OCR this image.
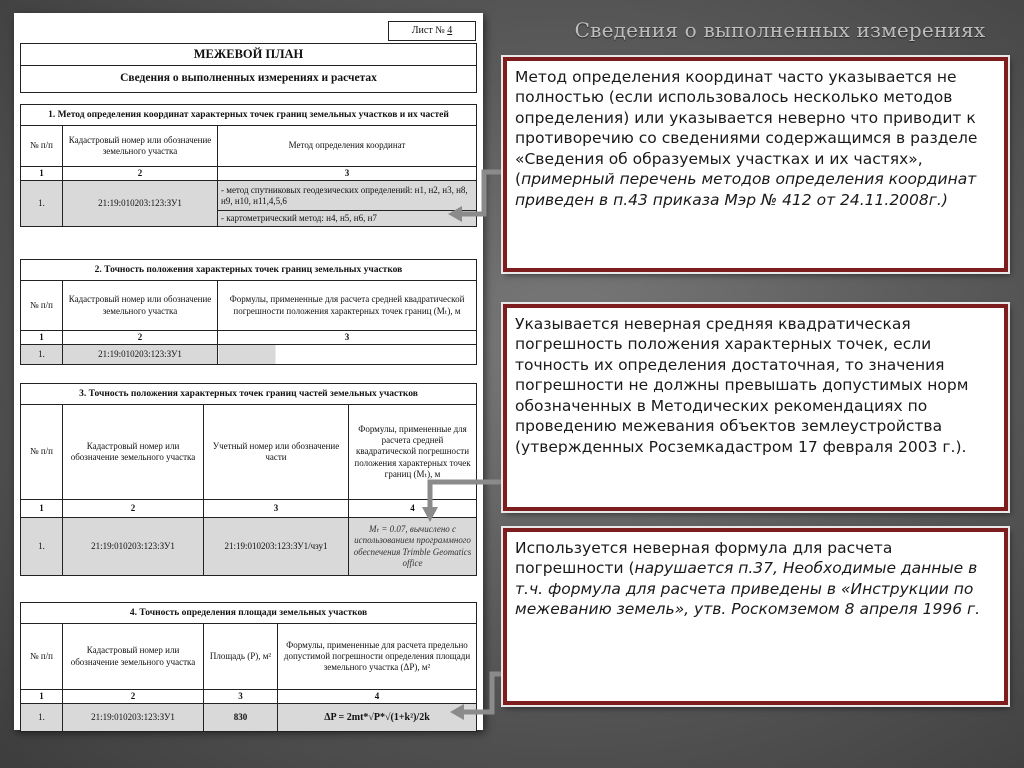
Сведения о выполненных измерениях
Лист № 4
МЕЖЕВОЙ ПЛАН
Сведения о выполненных измерениях и расчетах
1. Метод определения координат характерных точек границ земельных участков и их частей
№ п/п	Кадастровый номер или обозначение земельного участка	Метод определения координат
1	2	3
1.	21:19:010203:123:ЗУ1	- метод спутниковых геодезических определений: н1, н2, н3, н8, н9, н10, н11,4,5,6
		- картометрический метод: н4, н5, н6, н7
2. Точность положения характерных точек границ земельных участков
№ п/п	Кадастровый номер или обозначение земельного участка	Формулы, примененные для расчета средней квадратической погрешности положения характерных точек границ (Mₜ), м
1	2	3
1.	21:19:010203:123:ЗУ1	
3. Точность положения характерных точек границ частей земельных участков
№ п/п	Кадастровый номер или обозначение земельного участка	Учетный номер или обозначение части	Формулы, примененные для расчета средней квадратической погрешности положения характерных точек границ (Mₜ), м
1	2	3	4
1.	21:19:010203:123:ЗУ1	21:19:010203:123:ЗУ1/чзу1	Mₜ = 0.07, вычислено с использованием программного обеспечения Trimble Geomatics office
4. Точность определения площади земельных участков
№ п/п	Кадастровый номер или обозначение земельного участка	Площадь (P), м²	Формулы, примененные для расчета предельно допустимой погрешности определения площади земельного участка (ΔP), м²
1	2	3	4
1.	21:19:010203:123:ЗУ1	830	ΔP = 2mt*√P*√(1+k²)/2k
Метод определения координат часто указывается не полностью (если использовалось несколько методов определения) или указывается неверно что приводит к противоречию со сведениями содержащимся в разделе «Сведения об образуемых участках и их частях», (примерный перечень методов определения координат приведен в п.43 приказа Мэр № 412 от 24.11.2008г.)
Указывается неверная средняя квадратическая погрешность положения характерных точек, если точность их определения достаточная, то значения погрешности не должны превышать допустимых норм обозначенных в Методических рекомендациях по проведению межевания объектов землеустройства (утвержденных Росземкадастром 17 февраля 2003 г.).
Используется неверная формула для расчета погрешности (нарушается п.37, Необходимые данные в т.ч. формула для расчета приведены в «Инструкции по межеванию земель», утв. Роскомземом 8 апреля 1996 г.
